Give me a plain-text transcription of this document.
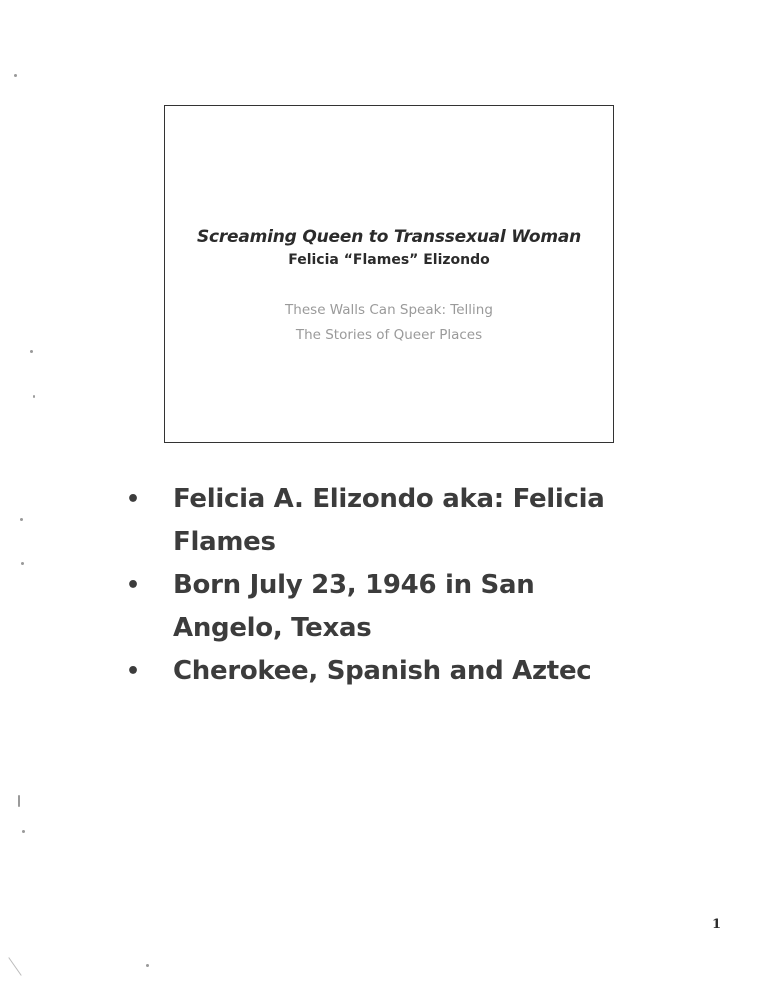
Screaming Queen to Transsexual Woman
Felicia “Flames” Elizondo
These Walls Can Speak: Telling
The Stories of Queer Places
• Felicia A. Elizondo aka: Felicia
Flames
• Born July 23, 1946 in San
Angelo, Texas
• Cherokee, Spanish and Aztec
1
